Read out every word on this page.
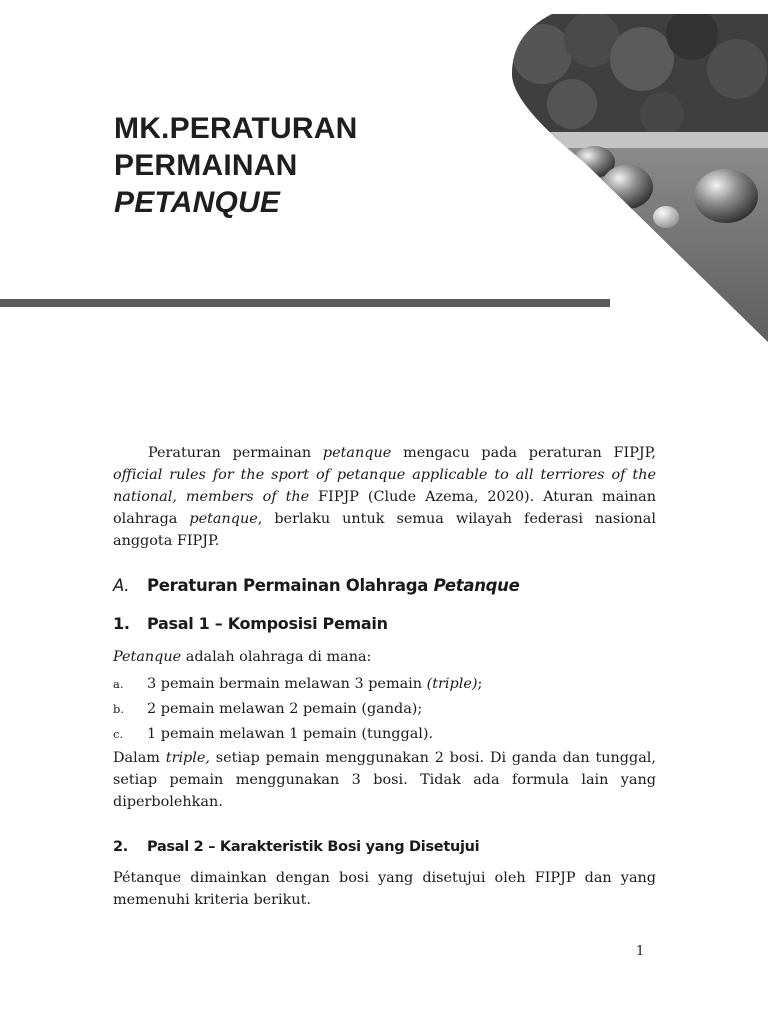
MK.PERATURAN
PERMAINAN
PETANQUE

Peraturan permainan petanque mengacu pada peraturan FIPJP, official rules for the sport of petanque applicable to all terriores of the national, members of the FIPJP (Clude Azema, 2020). Aturan mainan olahraga petanque, berlaku untuk semua wilayah federasi nasional anggota FIPJP.

A. Peraturan Permainan Olahraga Petanque
1. Pasal 1 – Komposisi Pemain

Petanque adalah olahraga di mana:

a. 3 pemain bermain melawan 3 pemain (triple);
b. 2 pemain melawan 2 pemain (ganda);
c. 1 pemain melawan 1 pemain (tunggal).

Dalam triple, setiap pemain menggunakan 2 bosi. Di ganda dan tunggal, setiap pemain menggunakan 3 bosi. Tidak ada formula lain yang diperbolehkan.

2. Pasal 2 – Karakteristik Bosi yang Disetujui

Pétanque dimainkan dengan bosi yang disetujui oleh FIPJP dan yang memenuhi kriteria berikut.

1
